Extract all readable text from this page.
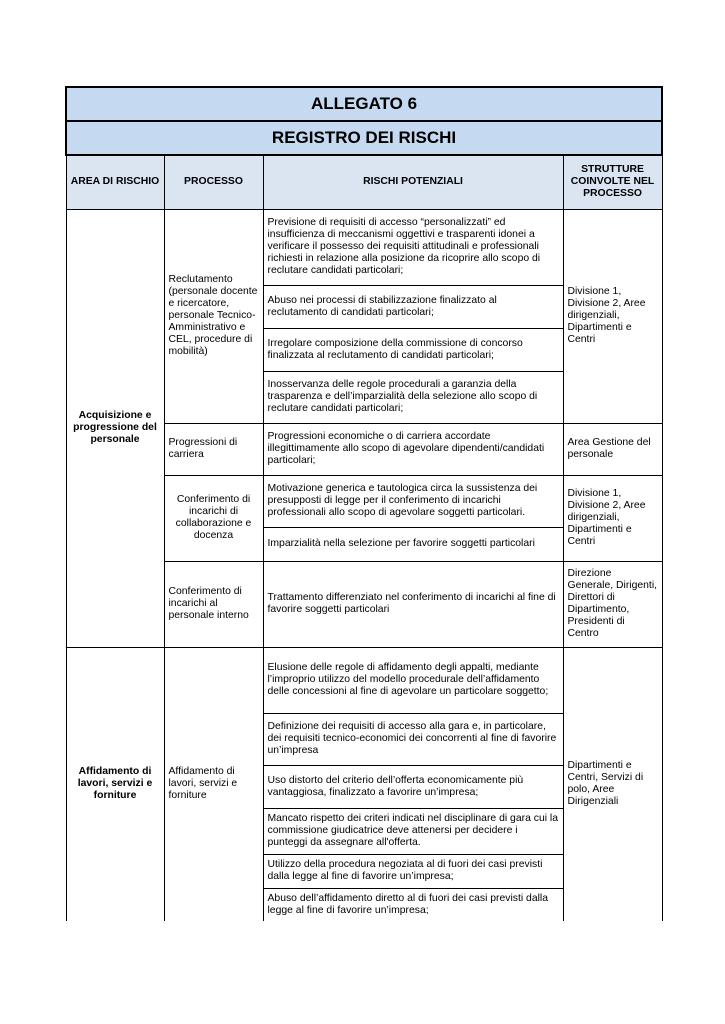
ALLEGATO 6			
REGISTRO DEI RISCHI			
AREA DI RISCHIO	PROCESSO	RISCHI POTENZIALI	STRUTTURE COINVOLTE NEL PROCESSO
Acquisizione e progressione del personale	Reclutamento (personale docente e ricercatore, personale Tecnico-Amministrativo e CEL, procedure di mobilità)	Previsione di requisiti di accesso “personalizzati” ed insufficienza di meccanismi oggettivi e trasparenti idonei a verificare il possesso dei requisiti attitudinali e professionali richiesti in relazione alla posizione da ricoprire allo scopo di reclutare candidati particolari;	Divisione 1, Divisione 2, Aree dirigenziali, Dipartimenti e Centri
		Abuso nei processi di stabilizzazione finalizzato al reclutamento di candidati particolari;	
		Irregolare composizione della commissione di concorso finalizzata al reclutamento di candidati particolari;	
		Inosservanza delle regole procedurali a garanzia della trasparenza e dell’imparzialità della selezione allo scopo di reclutare candidati particolari;	
	Progressioni di carriera	Progressioni economiche o di carriera accordate illegittimamente allo scopo di agevolare dipendenti/candidati particolari;	Area Gestione del personale
	Conferimento di incarichi di collaborazione e docenza	Motivazione generica e tautologica circa la sussistenza dei presupposti di legge per il conferimento di incarichi professionali allo scopo di agevolare soggetti particolari.	Divisione 1, Divisione 2, Aree dirigenziali, Dipartimenti e Centri
		Imparzialità nella selezione per favorire soggetti particolari	
	Conferimento di incarichi al personale interno	Trattamento differenziato nel conferimento di incarichi al fine di favorire soggetti particolari	Direzione Generale, Dirigenti, Direttori di Dipartimento, Presidenti di Centro
Affidamento di lavori, servizi e forniture	Affidamento di lavori, servizi e forniture	Elusione delle regole di affidamento degli appalti, mediante l’improprio utilizzo del modello procedurale dell’affidamento delle concessioni al fine di agevolare un particolare soggetto;	Dipartimenti e Centri, Servizi di polo, Aree Dirigenziali
		Definizione dei requisiti di accesso alla gara e, in particolare, dei requisiti tecnico-economici dei concorrenti al fine di favorire un’impresa	
		Uso distorto del criterio dell’offerta economicamente più vantaggiosa, finalizzato a favorire un’impresa;	
		Mancato rispetto dei criteri indicati nel disciplinare di gara cui la commissione giudicatrice deve attenersi per decidere i punteggi da assegnare all'offerta.	
		Utilizzo della procedura negoziata al di fuori dei casi previsti dalla legge al fine di favorire un’impresa;	
		Abuso dell’affidamento diretto al di fuori dei casi previsti dalla legge al fine di favorire un’impresa;	
